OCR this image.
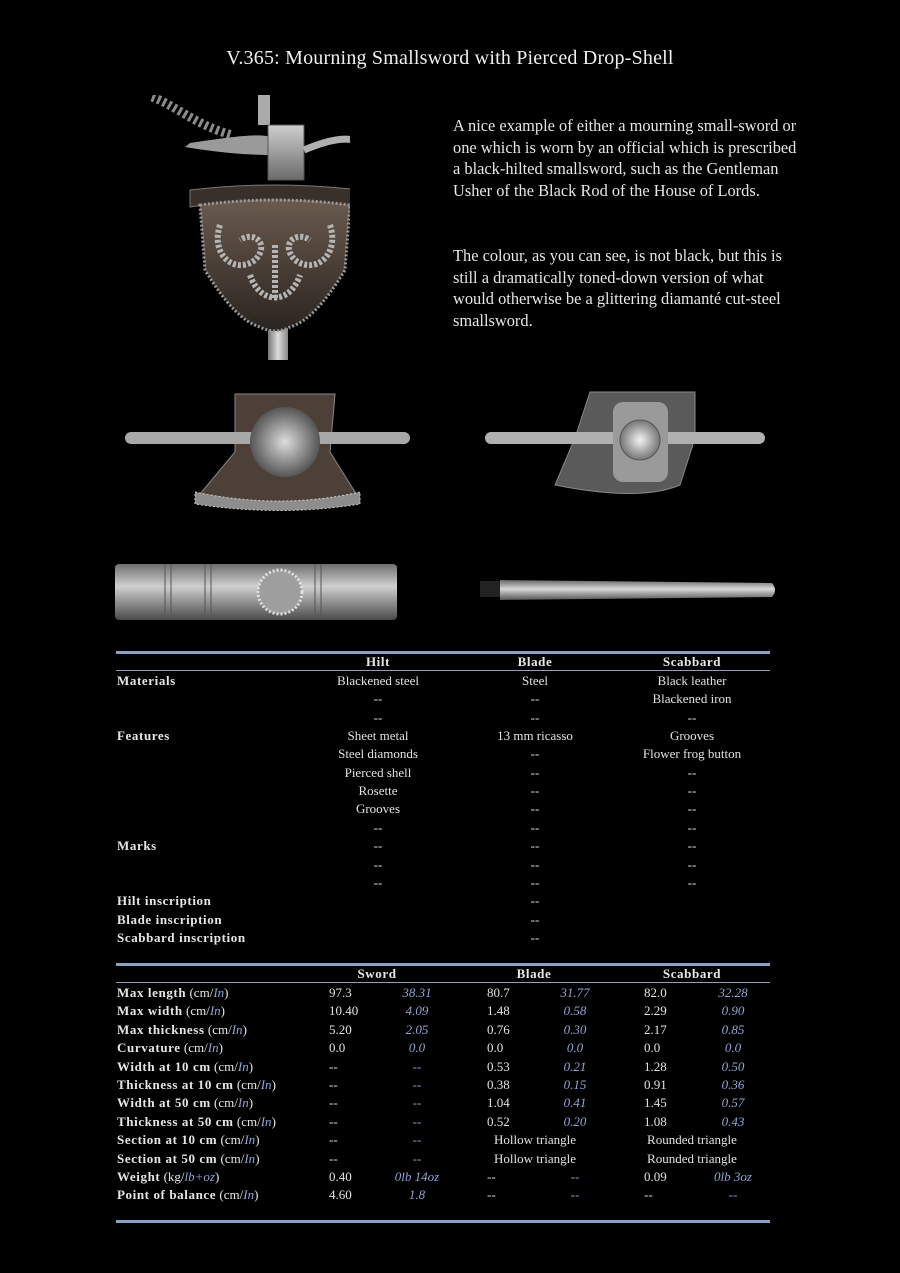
V.365: Mourning Smallsword with Pierced Drop-Shell
A nice example of either a mourning small-sword or one which is worn by an official which is prescribed a black-hilted smallsword, such as the Gentleman Usher of the Black Rod of the House of Lords.
The colour, as you can see, is not black, but this is still a dramatically toned-down version of what would otherwise be a glittering diamanté cut-steel smallsword.
Hilt	Blade	Scabbard
Materials	Blackened steel	Steel	Black leather
--	--	Blackened iron
--	--	--
Features	Sheet metal	13 mm ricasso	Grooves
Steel diamonds	--	Flower frog button
Pierced shell	--	--
Rosette	--	--
Grooves	--	--
--	--	--
Marks	--	--	--
--	--	--
--	--	--
Hilt inscription	--
Blade inscription	--
Scabbard inscription	--
Sword	Blade	Scabbard
Max length (cm/In)	97.3	38.31	80.7	31.77	82.0	32.28
Max width (cm/In)	10.40	4.09	1.48	0.58	2.29	0.90
Max thickness (cm/In)	5.20	2.05	0.76	0.30	2.17	0.85
Curvature (cm/In)	0.0	0.0	0.0	0.0	0.0	0.0
Width at 10 cm (cm/In)	--	--	0.53	0.21	1.28	0.50
Thickness at 10 cm (cm/In)	--	--	0.38	0.15	0.91	0.36
Width at 50 cm (cm/In)	--	--	1.04	0.41	1.45	0.57
Thickness at 50 cm (cm/In)	--	--	0.52	0.20	1.08	0.43
Section at 10 cm (cm/In)	--	--	Hollow triangle	Rounded triangle
Section at 50 cm (cm/In)	--	--	Hollow triangle	Rounded triangle
Weight (kg/lb+oz)	0.40	0lb 14oz	--	--	0.09	0lb 3oz
Point of balance (cm/In)	4.60	1.8	--	--	--	--
